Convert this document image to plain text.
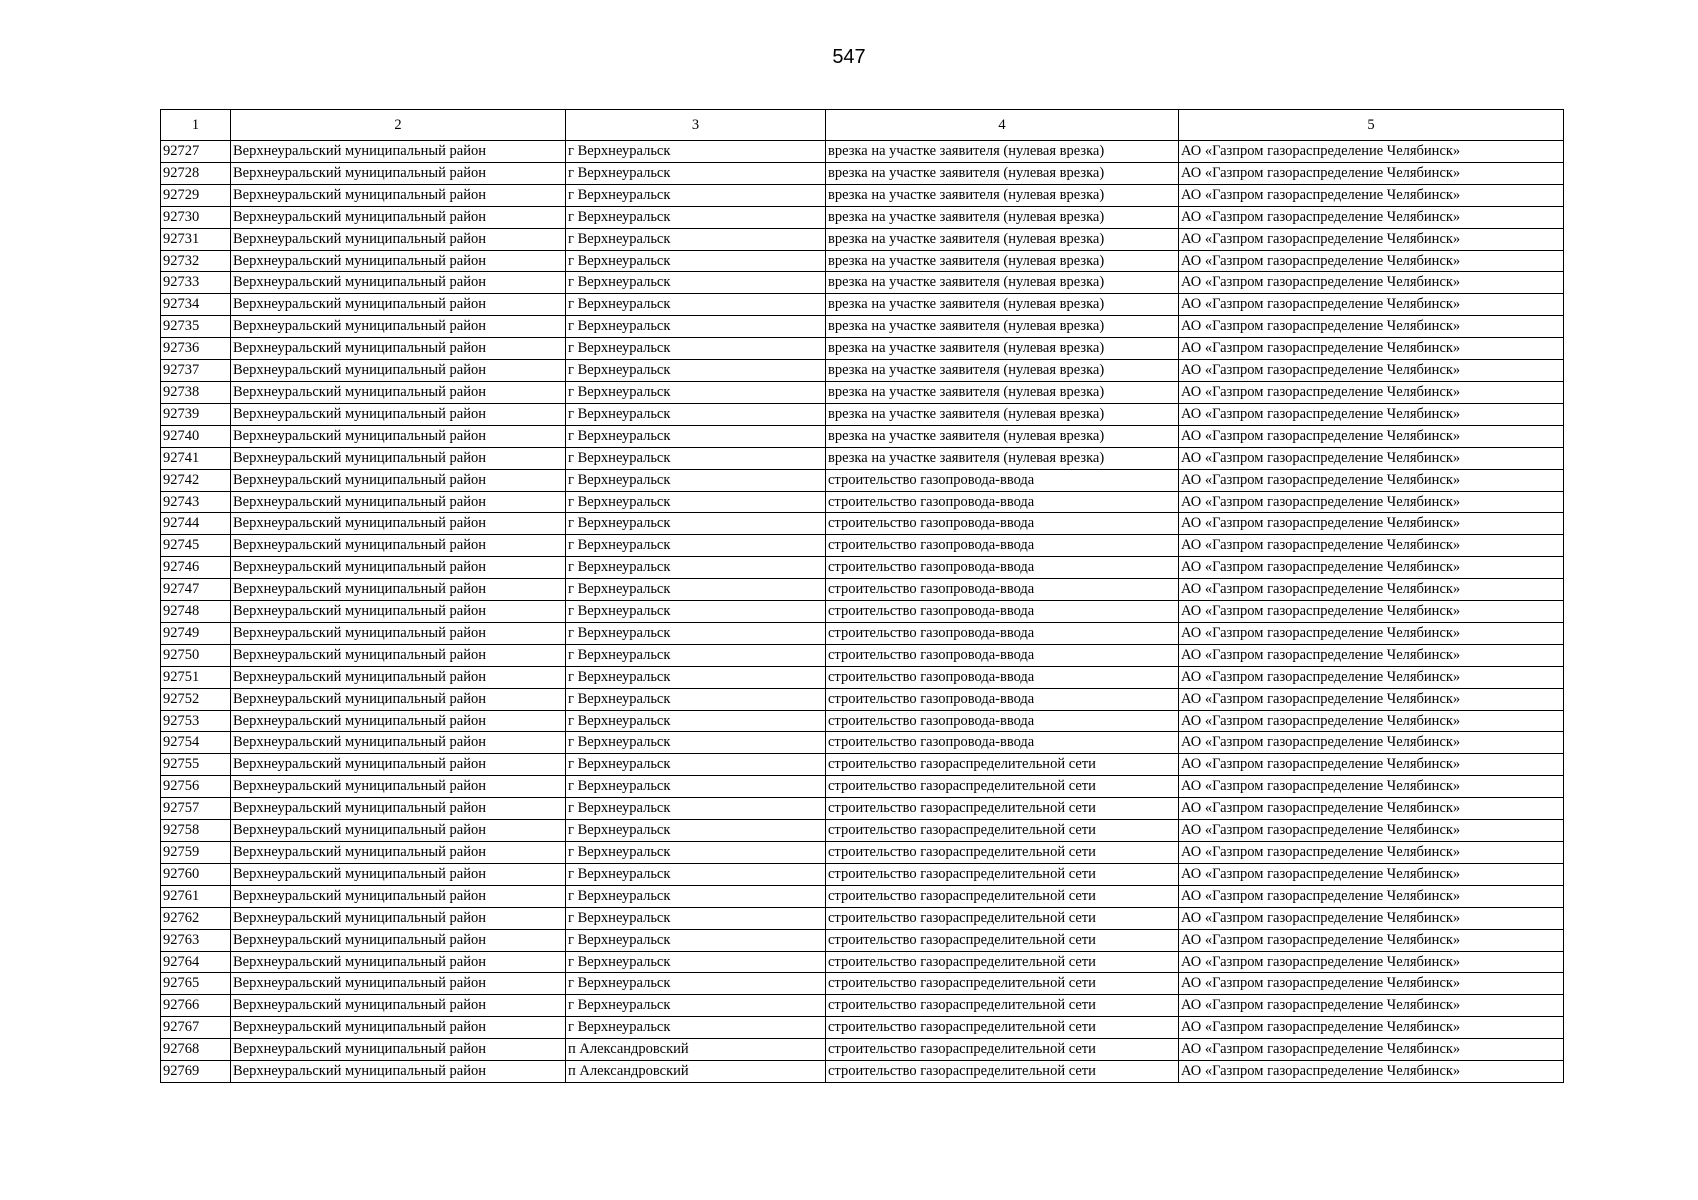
547
1	2	3	4	5
92727	Верхнеуральский муниципальный район	г Верхнеуральск	врезка на участке заявителя (нулевая врезка)	АО «Газпром газораспределение Челябинск»
92728	Верхнеуральский муниципальный район	г Верхнеуральск	врезка на участке заявителя (нулевая врезка)	АО «Газпром газораспределение Челябинск»
92729	Верхнеуральский муниципальный район	г Верхнеуральск	врезка на участке заявителя (нулевая врезка)	АО «Газпром газораспределение Челябинск»
92730	Верхнеуральский муниципальный район	г Верхнеуральск	врезка на участке заявителя (нулевая врезка)	АО «Газпром газораспределение Челябинск»
92731	Верхнеуральский муниципальный район	г Верхнеуральск	врезка на участке заявителя (нулевая врезка)	АО «Газпром газораспределение Челябинск»
92732	Верхнеуральский муниципальный район	г Верхнеуральск	врезка на участке заявителя (нулевая врезка)	АО «Газпром газораспределение Челябинск»
92733	Верхнеуральский муниципальный район	г Верхнеуральск	врезка на участке заявителя (нулевая врезка)	АО «Газпром газораспределение Челябинск»
92734	Верхнеуральский муниципальный район	г Верхнеуральск	врезка на участке заявителя (нулевая врезка)	АО «Газпром газораспределение Челябинск»
92735	Верхнеуральский муниципальный район	г Верхнеуральск	врезка на участке заявителя (нулевая врезка)	АО «Газпром газораспределение Челябинск»
92736	Верхнеуральский муниципальный район	г Верхнеуральск	врезка на участке заявителя (нулевая врезка)	АО «Газпром газораспределение Челябинск»
92737	Верхнеуральский муниципальный район	г Верхнеуральск	врезка на участке заявителя (нулевая врезка)	АО «Газпром газораспределение Челябинск»
92738	Верхнеуральский муниципальный район	г Верхнеуральск	врезка на участке заявителя (нулевая врезка)	АО «Газпром газораспределение Челябинск»
92739	Верхнеуральский муниципальный район	г Верхнеуральск	врезка на участке заявителя (нулевая врезка)	АО «Газпром газораспределение Челябинск»
92740	Верхнеуральский муниципальный район	г Верхнеуральск	врезка на участке заявителя (нулевая врезка)	АО «Газпром газораспределение Челябинск»
92741	Верхнеуральский муниципальный район	г Верхнеуральск	врезка на участке заявителя (нулевая врезка)	АО «Газпром газораспределение Челябинск»
92742	Верхнеуральский муниципальный район	г Верхнеуральск	строительство газопровода-ввода	АО «Газпром газораспределение Челябинск»
92743	Верхнеуральский муниципальный район	г Верхнеуральск	строительство газопровода-ввода	АО «Газпром газораспределение Челябинск»
92744	Верхнеуральский муниципальный район	г Верхнеуральск	строительство газопровода-ввода	АО «Газпром газораспределение Челябинск»
92745	Верхнеуральский муниципальный район	г Верхнеуральск	строительство газопровода-ввода	АО «Газпром газораспределение Челябинск»
92746	Верхнеуральский муниципальный район	г Верхнеуральск	строительство газопровода-ввода	АО «Газпром газораспределение Челябинск»
92747	Верхнеуральский муниципальный район	г Верхнеуральск	строительство газопровода-ввода	АО «Газпром газораспределение Челябинск»
92748	Верхнеуральский муниципальный район	г Верхнеуральск	строительство газопровода-ввода	АО «Газпром газораспределение Челябинск»
92749	Верхнеуральский муниципальный район	г Верхнеуральск	строительство газопровода-ввода	АО «Газпром газораспределение Челябинск»
92750	Верхнеуральский муниципальный район	г Верхнеуральск	строительство газопровода-ввода	АО «Газпром газораспределение Челябинск»
92751	Верхнеуральский муниципальный район	г Верхнеуральск	строительство газопровода-ввода	АО «Газпром газораспределение Челябинск»
92752	Верхнеуральский муниципальный район	г Верхнеуральск	строительство газопровода-ввода	АО «Газпром газораспределение Челябинск»
92753	Верхнеуральский муниципальный район	г Верхнеуральск	строительство газопровода-ввода	АО «Газпром газораспределение Челябинск»
92754	Верхнеуральский муниципальный район	г Верхнеуральск	строительство газопровода-ввода	АО «Газпром газораспределение Челябинск»
92755	Верхнеуральский муниципальный район	г Верхнеуральск	строительство газораспределительной сети	АО «Газпром газораспределение Челябинск»
92756	Верхнеуральский муниципальный район	г Верхнеуральск	строительство газораспределительной сети	АО «Газпром газораспределение Челябинск»
92757	Верхнеуральский муниципальный район	г Верхнеуральск	строительство газораспределительной сети	АО «Газпром газораспределение Челябинск»
92758	Верхнеуральский муниципальный район	г Верхнеуральск	строительство газораспределительной сети	АО «Газпром газораспределение Челябинск»
92759	Верхнеуральский муниципальный район	г Верхнеуральск	строительство газораспределительной сети	АО «Газпром газораспределение Челябинск»
92760	Верхнеуральский муниципальный район	г Верхнеуральск	строительство газораспределительной сети	АО «Газпром газораспределение Челябинск»
92761	Верхнеуральский муниципальный район	г Верхнеуральск	строительство газораспределительной сети	АО «Газпром газораспределение Челябинск»
92762	Верхнеуральский муниципальный район	г Верхнеуральск	строительство газораспределительной сети	АО «Газпром газораспределение Челябинск»
92763	Верхнеуральский муниципальный район	г Верхнеуральск	строительство газораспределительной сети	АО «Газпром газораспределение Челябинск»
92764	Верхнеуральский муниципальный район	г Верхнеуральск	строительство газораспределительной сети	АО «Газпром газораспределение Челябинск»
92765	Верхнеуральский муниципальный район	г Верхнеуральск	строительство газораспределительной сети	АО «Газпром газораспределение Челябинск»
92766	Верхнеуральский муниципальный район	г Верхнеуральск	строительство газораспределительной сети	АО «Газпром газораспределение Челябинск»
92767	Верхнеуральский муниципальный район	г Верхнеуральск	строительство газораспределительной сети	АО «Газпром газораспределение Челябинск»
92768	Верхнеуральский муниципальный район	п Александровский	строительство газораспределительной сети	АО «Газпром газораспределение Челябинск»
92769	Верхнеуральский муниципальный район	п Александровский	строительство газораспределительной сети	АО «Газпром газораспределение Челябинск»
